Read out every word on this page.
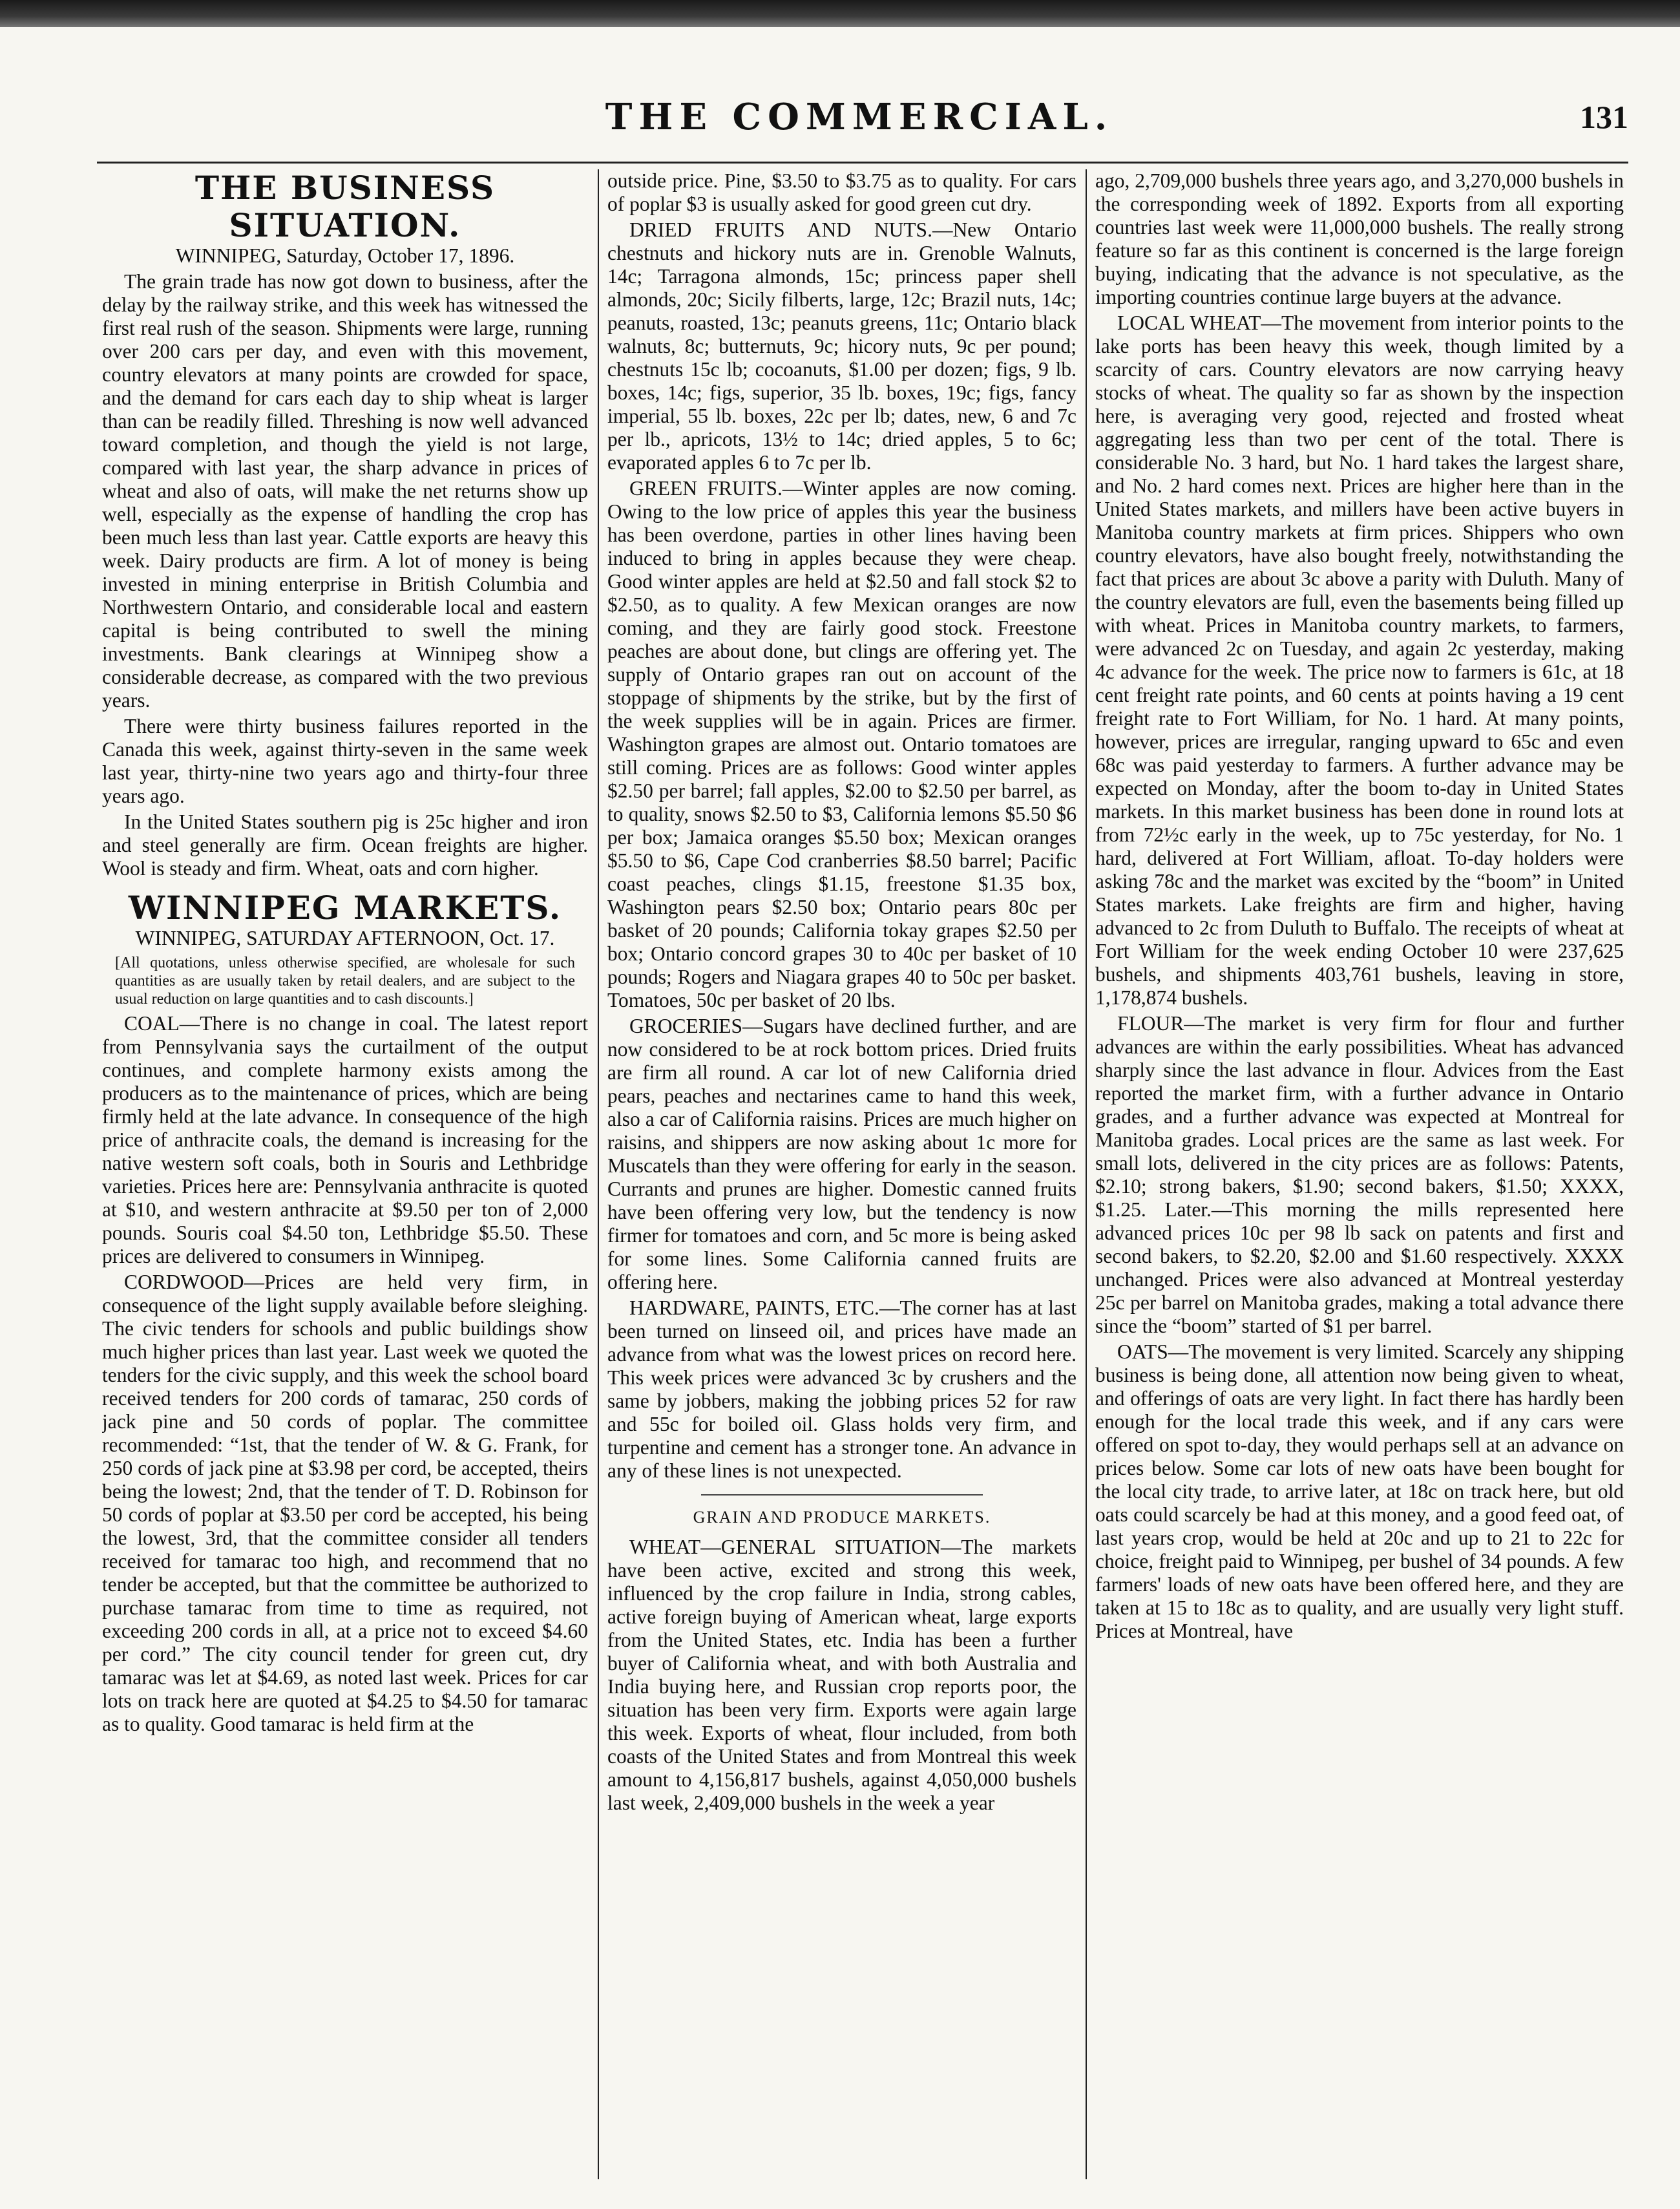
THE COMMERCIAL.	131
THE BUSINESS SITUATION.

WINNIPEG, Saturday, October 17, 1896.

The grain trade has now got down to business, after the delay by the railway strike, and this week has witnessed the first real rush of the season. Shipments were large, running over 200 cars per day, and even with this movement, country elevators at many points are crowded for space, and the demand for cars each day to ship wheat is larger than can be readily filled. Threshing is now well advanced toward completion, and though the yield is not large, compared with last year, the sharp advance in prices of wheat and also of oats, will make the net returns show up well, especially as the expense of handling the crop has been much less than last year. Cattle exports are heavy this week. Dairy products are firm. A lot of money is being invested in mining enterprise in British Columbia and Northwestern Ontario, and considerable local and eastern capital is being contributed to swell the mining investments. Bank clearings at Winnipeg show a considerable decrease, as compared with the two previous years.

There were thirty business failures reported in the Canada this week, against thirty-seven in the same week last year, thirty-nine two years ago and thirty-four three years ago.

In the United States southern pig is 25c higher and iron and steel generally are firm. Ocean freights are higher. Wool is steady and firm. Wheat, oats and corn higher.

WINNIPEG MARKETS.

WINNIPEG, SATURDAY AFTERNOON, Oct. 17.

[All quotations, unless otherwise specified, are wholesale for such quantities as are usually taken by retail dealers, and are subject to the usual reduction on large quantities and to cash discounts.]

COAL—There is no change in coal. The latest report from Pennsylvania says the curtailment of the output continues, and complete harmony exists among the producers as to the maintenance of prices, which are being firmly held at the late advance. In consequence of the high price of anthracite coals, the demand is increasing for the native western soft coals, both in Souris and Lethbridge varieties. Prices here are: Pennsylvania anthracite is quoted at $10, and western anthracite at $9.50 per ton of 2,000 pounds. Souris coal $4.50 ton, Lethbridge $5.50. These prices are delivered to consumers in Winnipeg.

CORDWOOD—Prices are held very firm, in consequence of the light supply available before sleighing. The civic tenders for schools and public buildings show much higher prices than last year. Last week we quoted the tenders for the civic supply, and this week the school board received tenders for 200 cords of tamarac, 250 cords of jack pine and 50 cords of poplar. The committee recommended: “1st, that the tender of W. & G. Frank, for 250 cords of jack pine at $3.98 per cord, be accepted, theirs being the lowest; 2nd, that the tender of T. D. Robinson for 50 cords of poplar at $3.50 per cord be accepted, his being the lowest, 3rd, that the committee consider all tenders received for tamarac too high, and recommend that no tender be accepted, but that the committee be authorized to purchase tamarac from time to time as required, not exceeding 200 cords in all, at a price not to exceed $4.60 per cord.” The city council tender for green cut, dry tamarac was let at $4.69, as noted last week. Prices for car lots on track here are quoted at $4.25 to $4.50 for tamarac as to quality. Good tamarac is held firm at the

outside price. Pine, $3.50 to $3.75 as to quality. For cars of poplar $3 is usually asked for good green cut dry.

DRIED FRUITS AND NUTS.—New Ontario chestnuts and hickory nuts are in. Grenoble Walnuts, 14c; Tarragona almonds, 15c; princess paper shell almonds, 20c; Sicily filberts, large, 12c; Brazil nuts, 14c; peanuts, roasted, 13c; peanuts greens, 11c; Ontario black walnuts, 8c; butternuts, 9c; hicory nuts, 9c per pound; chestnuts 15c lb; cocoanuts, $1.00 per dozen; figs, 9 lb. boxes, 14c; figs, superior, 35 lb. boxes, 19c; figs, fancy imperial, 55 lb. boxes, 22c per lb; dates, new, 6 and 7c per lb., apricots, 13½ to 14c; dried apples, 5 to 6c; evaporated apples 6 to 7c per lb.

GREEN FRUITS.—Winter apples are now coming. Owing to the low price of apples this year the business has been overdone, parties in other lines having been induced to bring in apples because they were cheap. Good winter apples are held at $2.50 and fall stock $2 to $2.50, as to quality. A few Mexican oranges are now coming, and they are fairly good stock. Freestone peaches are about done, but clings are offering yet. The supply of Ontario grapes ran out on account of the stoppage of shipments by the strike, but by the first of the week supplies will be in again. Prices are firmer. Washington grapes are almost out. Ontario tomatoes are still coming. Prices are as follows: Good winter apples $2.50 per barrel; fall apples, $2.00 to $2.50 per barrel, as to quality, snows $2.50 to $3, California lemons $5.50 $6 per box; Jamaica oranges $5.50 box; Mexican oranges $5.50 to $6, Cape Cod cranberries $8.50 barrel; Pacific coast peaches, clings $1.15, freestone $1.35 box, Washington pears $2.50 box; Ontario pears 80c per basket of 20 pounds; California tokay grapes $2.50 per box; Ontario concord grapes 30 to 40c per basket of 10 pounds; Rogers and Niagara grapes 40 to 50c per basket. Tomatoes, 50c per basket of 20 lbs.

GROCERIES—Sugars have declined further, and are now considered to be at rock bottom prices. Dried fruits are firm all round. A car lot of new California dried pears, peaches and nectarines came to hand this week, also a car of California raisins. Prices are much higher on raisins, and shippers are now asking about 1c more for Muscatels than they were offering for early in the season. Currants and prunes are higher. Domestic canned fruits have been offering very low, but the tendency is now firmer for tomatoes and corn, and 5c more is being asked for some lines. Some California canned fruits are offering here.

HARDWARE, PAINTS, ETC.—The corner has at last been turned on linseed oil, and prices have made an advance from what was the lowest prices on record here. This week prices were advanced 3c by crushers and the same by jobbers, making the jobbing prices 52 for raw and 55c for boiled oil. Glass holds very firm, and turpentine and cement has a stronger tone. An advance in any of these lines is not unexpected.

GRAIN AND PRODUCE MARKETS.

WHEAT—GENERAL SITUATION—The markets have been active, excited and strong this week, influenced by the crop failure in India, strong cables, active foreign buying of American wheat, large exports from the United States, etc. India has been a further buyer of California wheat, and with both Australia and India buying here, and Russian crop reports poor, the situation has been very firm. Exports were again large this week. Exports of wheat, flour included, from both coasts of the United States and from Montreal this week amount to 4,156,817 bushels, against 4,050,000 bushels last week, 2,409,000 bushels in the week a year

ago, 2,709,000 bushels three years ago, and 3,270,000 bushels in the corresponding week of 1892. Exports from all exporting countries last week were 11,000,000 bushels. The really strong feature so far as this continent is concerned is the large foreign buying, indicating that the advance is not speculative, as the importing countries continue large buyers at the advance.

LOCAL WHEAT—The movement from interior points to the lake ports has been heavy this week, though limited by a scarcity of cars. Country elevators are now carrying heavy stocks of wheat. The quality so far as shown by the inspection here, is averaging very good, rejected and frosted wheat aggregating less than two per cent of the total. There is considerable No. 3 hard, but No. 1 hard takes the largest share, and No. 2 hard comes next. Prices are higher here than in the United States markets, and millers have been active buyers in Manitoba country markets at firm prices. Shippers who own country elevators, have also bought freely, notwithstanding the fact that prices are about 3c above a parity with Duluth. Many of the country elevators are full, even the basements being filled up with wheat. Prices in Manitoba country markets, to farmers, were advanced 2c on Tuesday, and again 2c yesterday, making 4c advance for the week. The price now to farmers is 61c, at 18 cent freight rate points, and 60 cents at points having a 19 cent freight rate to Fort William, for No. 1 hard. At many points, however, prices are irregular, ranging upward to 65c and even 68c was paid yesterday to farmers. A further advance may be expected on Monday, after the boom to-day in United States markets. In this market business has been done in round lots at from 72½c early in the week, up to 75c yesterday, for No. 1 hard, delivered at Fort William, afloat. To-day holders were asking 78c and the market was excited by the “boom” in United States markets. Lake freights are firm and higher, having advanced to 2c from Duluth to Buffalo. The receipts of wheat at Fort William for the week ending October 10 were 237,625 bushels, and shipments 403,761 bushels, leaving in store, 1,178,874 bushels.

FLOUR—The market is very firm for flour and further advances are within the early possibilities. Wheat has advanced sharply since the last advance in flour. Advices from the East reported the market firm, with a further advance in Ontario grades, and a further advance was expected at Montreal for Manitoba grades. Local prices are the same as last week. For small lots, delivered in the city prices are as follows: Patents, $2.10; strong bakers, $1.90; second bakers, $1.50; XXXX, $1.25. Later.—This morning the mills represented here advanced prices 10c per 98 lb sack on patents and first and second bakers, to $2.20, $2.00 and $1.60 respectively. XXXX unchanged. Prices were also advanced at Montreal yesterday 25c per barrel on Manitoba grades, making a total advance there since the “boom” started of $1 per barrel.

OATS—The movement is very limited. Scarcely any shipping business is being done, all attention now being given to wheat, and offerings of oats are very light. In fact there has hardly been enough for the local trade this week, and if any cars were offered on spot to-day, they would perhaps sell at an advance on prices below. Some car lots of new oats have been bought for the local city trade, to arrive later, at 18c on track here, but old oats could scarcely be had at this money, and a good feed oat, of last years crop, would be held at 20c and up to 21 to 22c for choice, freight paid to Winnipeg, per bushel of 34 pounds. A few farmers' loads of new oats have been offered here, and they are taken at 15 to 18c as to quality, and are usually very light stuff. Prices at Montreal, have
